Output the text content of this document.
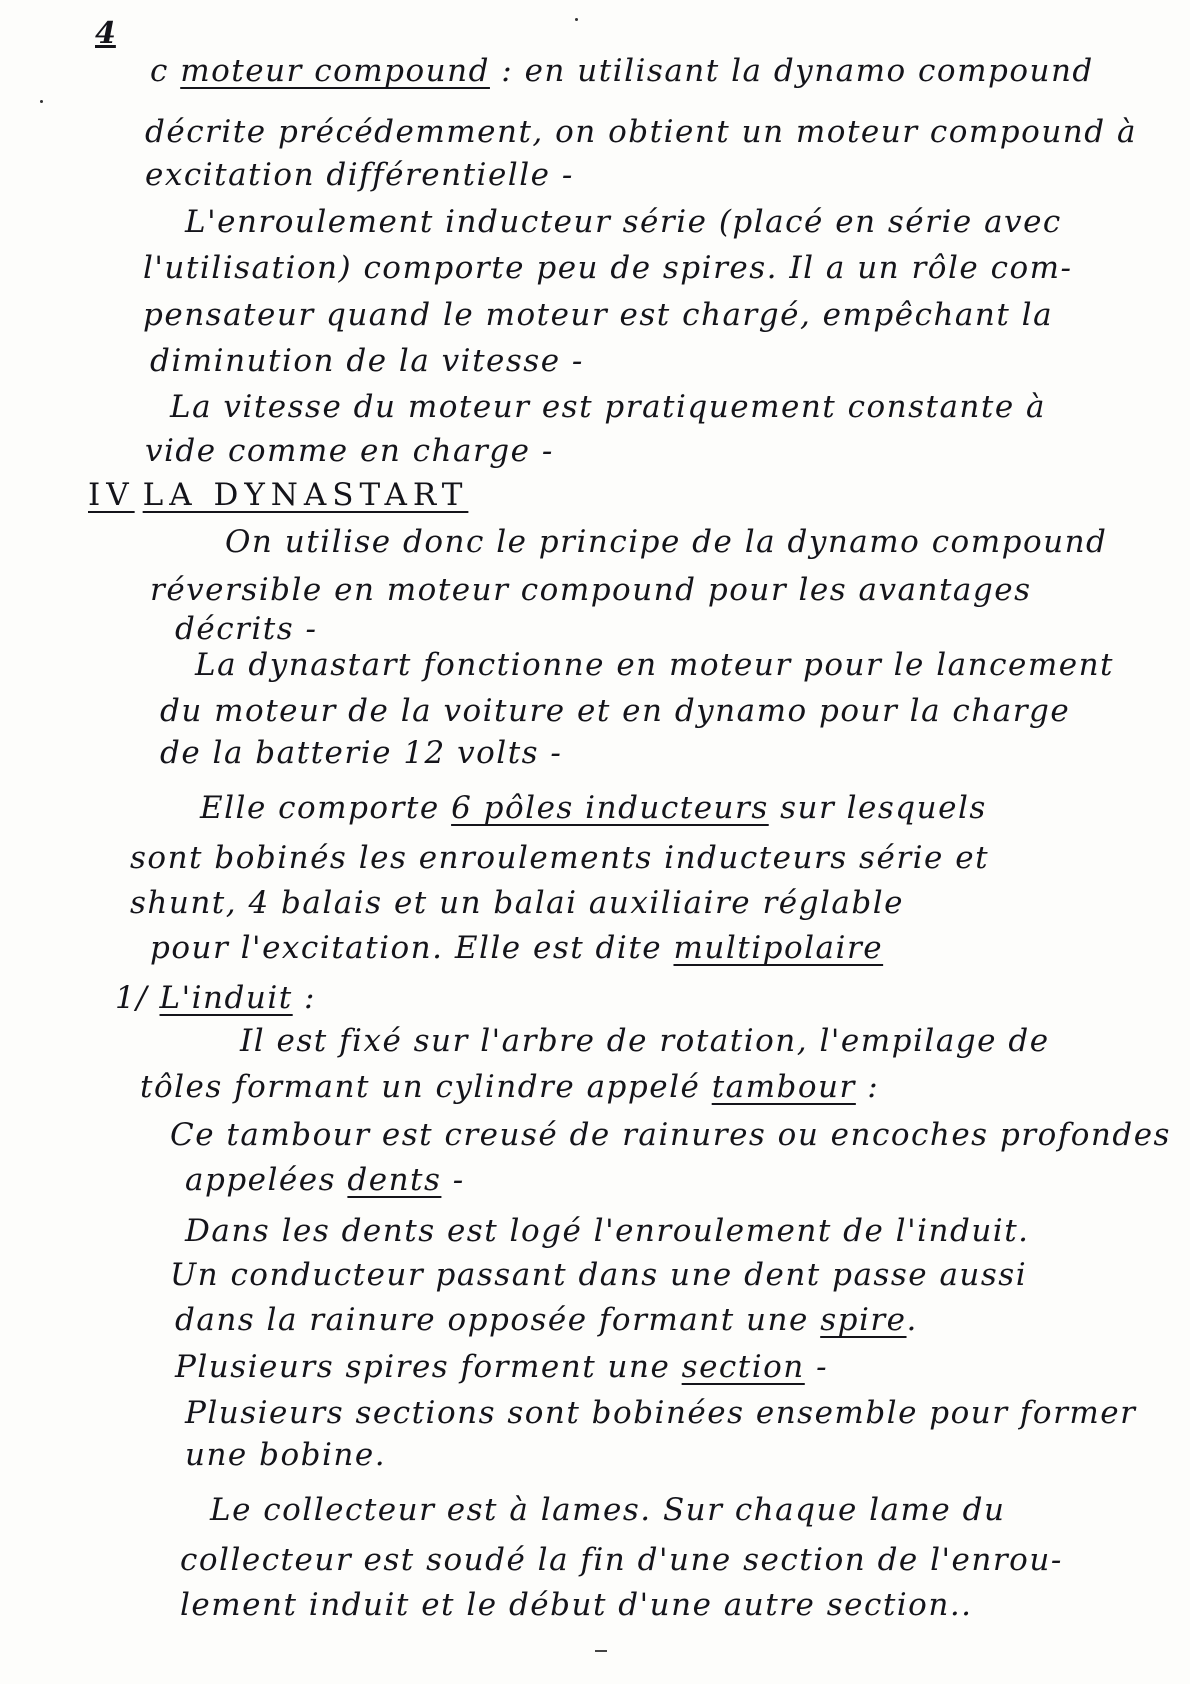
4
c moteur compound : en utilisant la dynamo compound
décrite précédemment, on obtient un moteur compound à
excitation différentielle -
L'enroulement inducteur série (placé en série avec
l'utilisation) comporte peu de spires. Il a un rôle com-
pensateur quand le moteur est chargé, empêchant la
diminution de la vitesse -
La vitesse du moteur est pratiquement constante à
vide comme en charge -
IV LA DYNASTART
On utilise donc le principe de la dynamo compound
réversible en moteur compound pour les avantages
décrits -
La dynastart fonctionne en moteur pour le lancement
du moteur de la voiture et en dynamo pour la charge
de la batterie 12 volts -
Elle comporte 6 pôles inducteurs sur lesquels
sont bobinés les enroulements inducteurs série et
shunt, 4 balais et un balai auxiliaire réglable
pour l'excitation. Elle est dite multipolaire
1/ L'induit :
Il est fixé sur l'arbre de rotation, l'empilage de
tôles formant un cylindre appelé tambour :
Ce tambour est creusé de rainures ou encoches profondes
appelées dents -
Dans les dents est logé l'enroulement de l'induit.
Un conducteur passant dans une dent passe aussi
dans la rainure opposée formant une spire.
Plusieurs spires forment une section -
Plusieurs sections sont bobinées ensemble pour former
une bobine.
Le collecteur est à lames. Sur chaque lame du
collecteur est soudé la fin d'une section de l'enrou-
lement induit et le début d'une autre section..
